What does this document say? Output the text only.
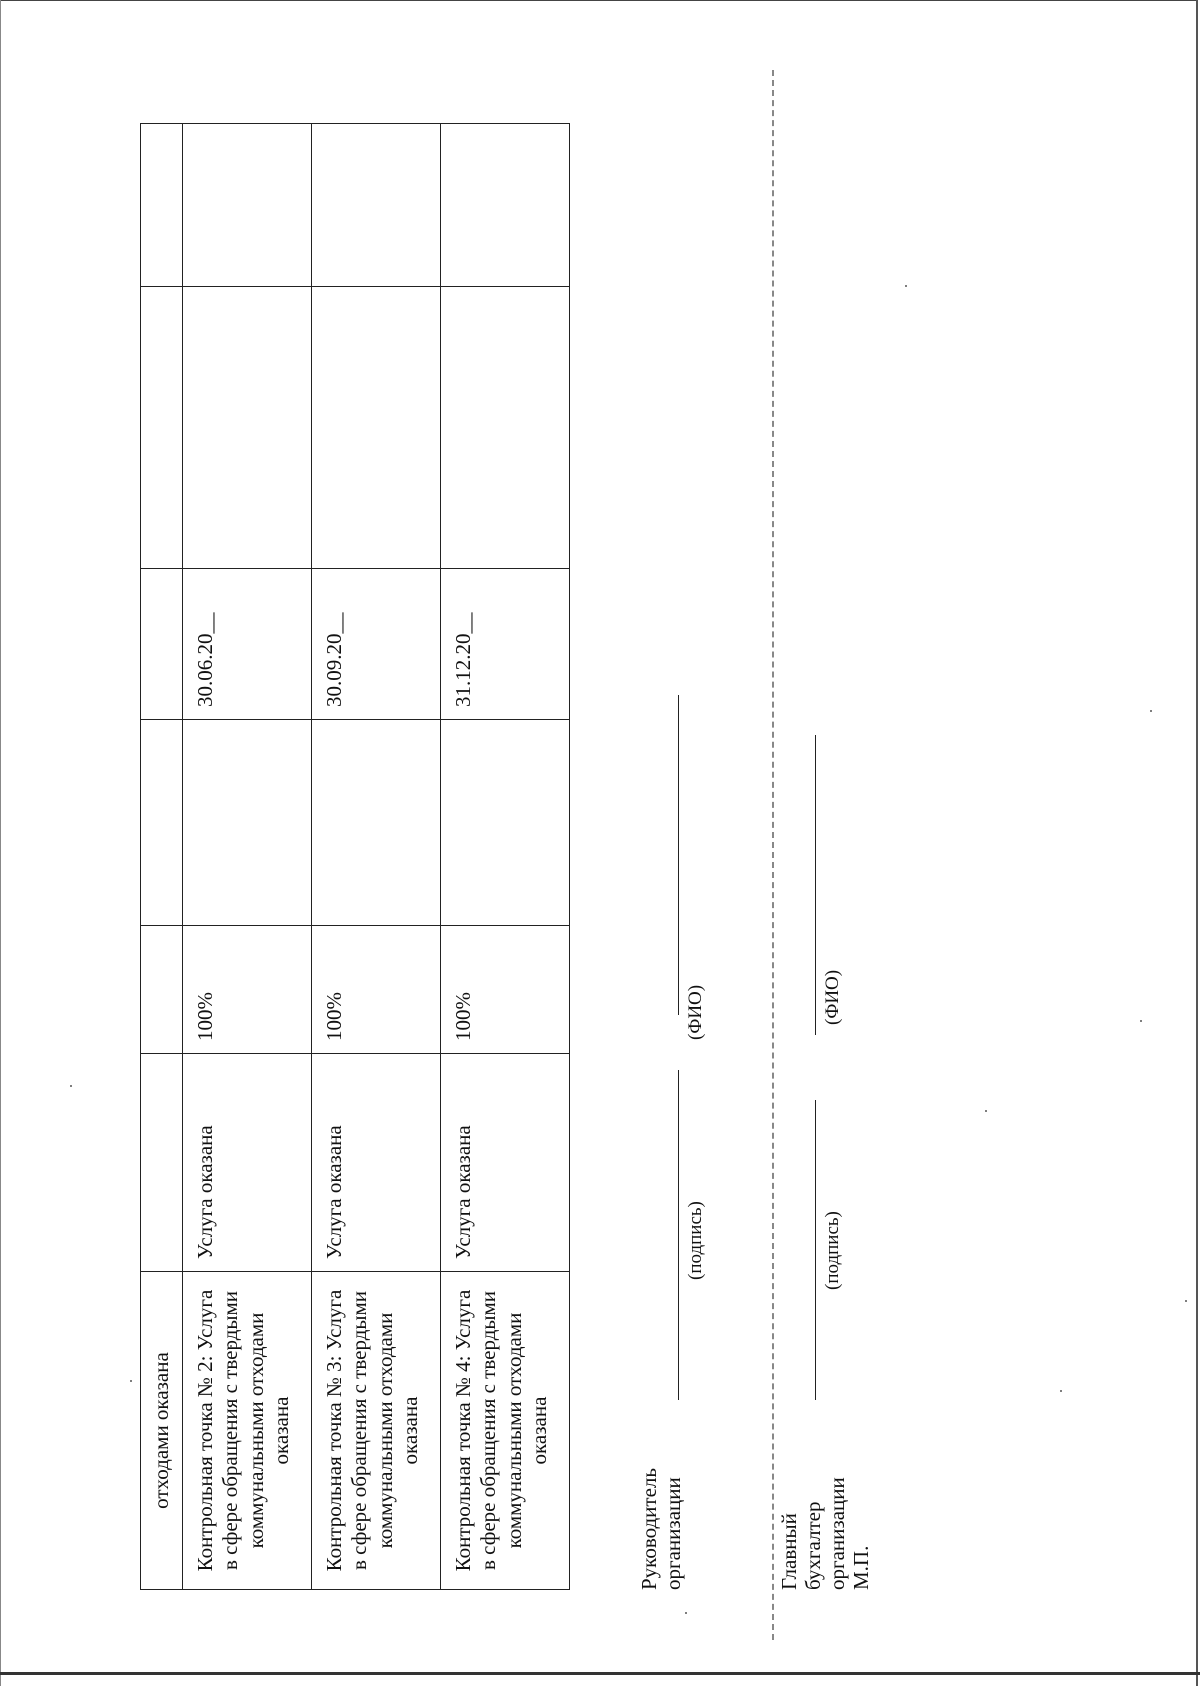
отходами оказана						
Контрольная точка № 2: Услуга в сфере обращения с твердыми коммунальными отходами оказана	Услуга оказана	100%		30.06.20__		
Контрольная точка № 3: Услуга в сфере обращения с твердыми коммунальными отходами оказана	Услуга оказана	100%		30.09.20__		
Контрольная точка № 4: Услуга в сфере обращения с твердыми коммунальными отходами оказана	Услуга оказана	100%		31.12.20__		
Руководитель организации
(подпись)
(ФИО)
Главный бухгалтер организации М.П.
(подпись)
(ФИО)
